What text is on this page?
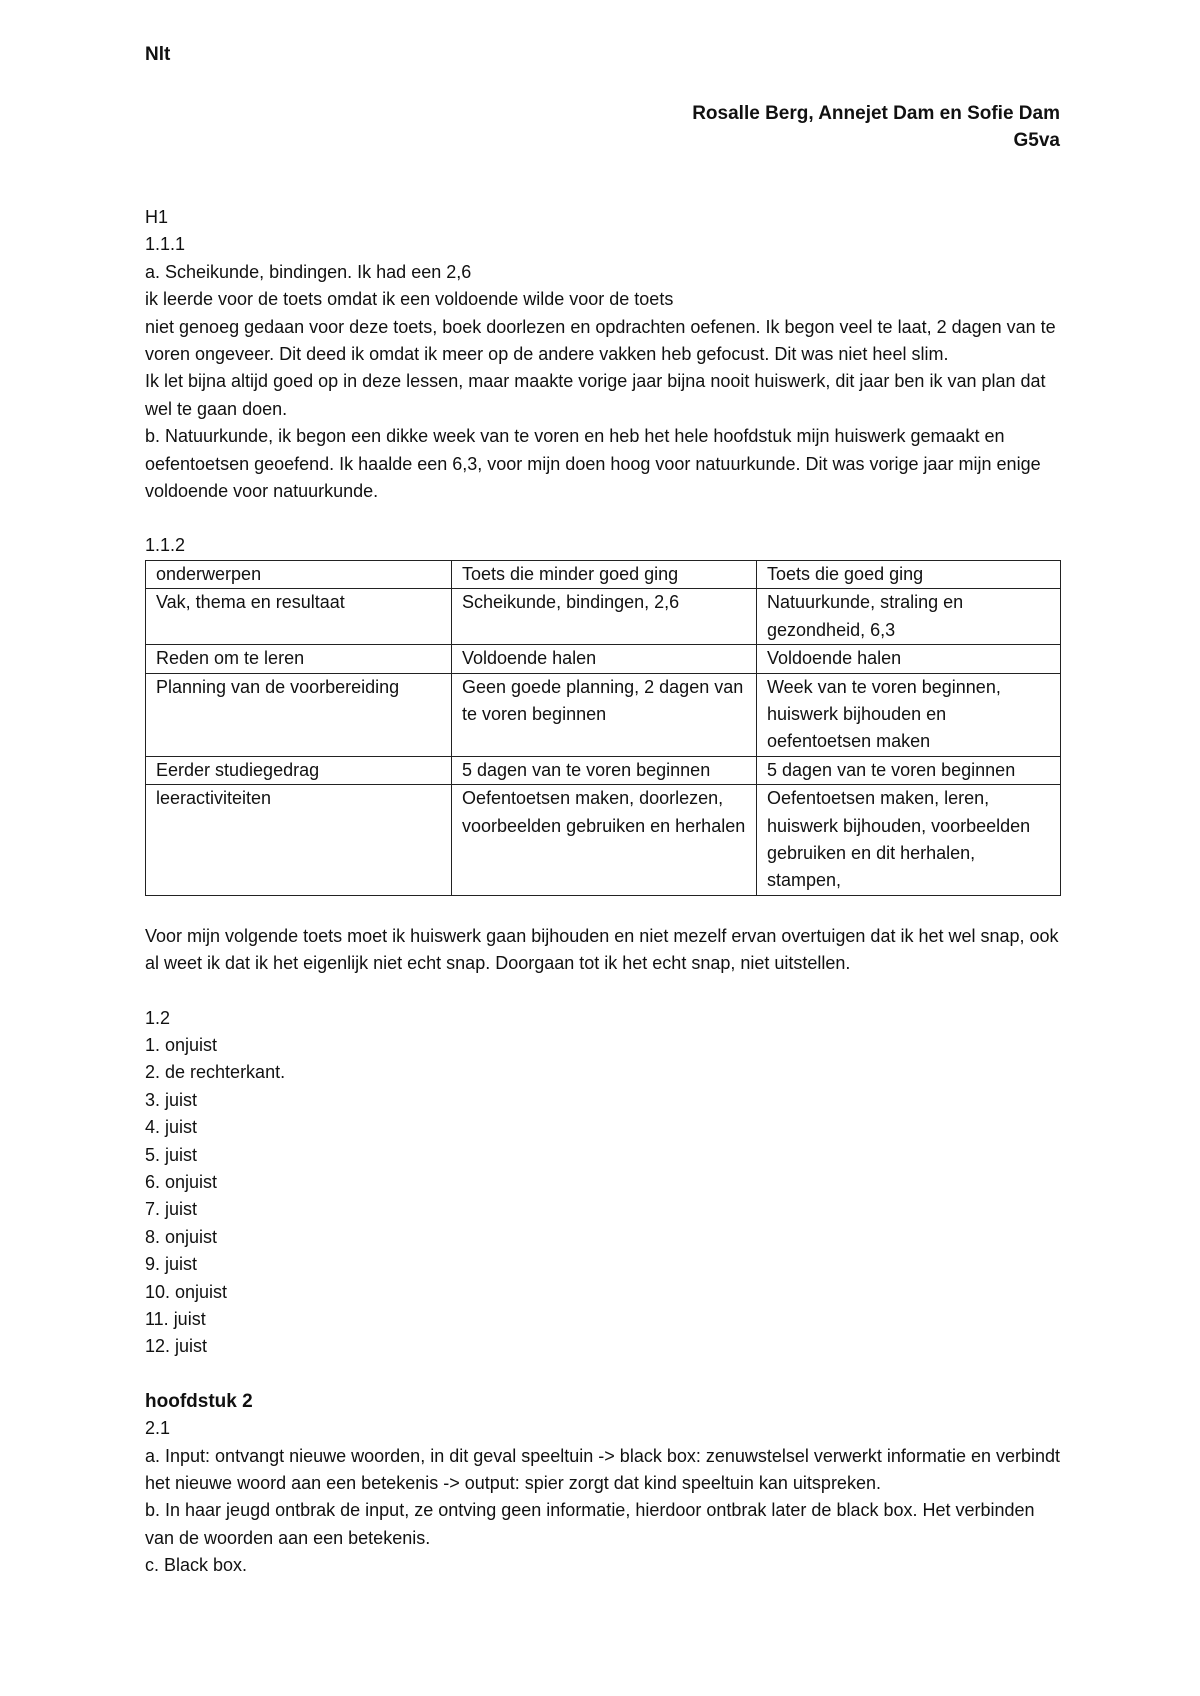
Nlt
Rosalle Berg, Annejet Dam en Sofie Dam
G5va

H1

1.1.1

a. Scheikunde, bindingen. Ik had een 2,6

ik leerde voor de toets omdat ik een voldoende wilde voor de toets

niet genoeg gedaan voor deze toets, boek doorlezen en opdrachten oefenen. Ik begon veel te laat, 2 dagen van te voren ongeveer. Dit deed ik omdat ik meer op de andere vakken heb gefocust. Dit was niet heel slim.

Ik let bijna altijd goed op in deze lessen, maar maakte vorige jaar bijna nooit huiswerk, dit jaar ben ik van plan dat wel te gaan doen.

b. Natuurkunde, ik begon een dikke week van te voren en heb het hele hoofdstuk mijn huiswerk gemaakt en oefentoetsen geoefend. Ik haalde een 6,3, voor mijn doen hoog voor natuurkunde. Dit was vorige jaar mijn enige voldoende voor natuurkunde.

1.1.2

onderwerpen	Toets die minder goed ging	Toets die goed ging
Vak, thema en resultaat	Scheikunde, bindingen, 2,6	Natuurkunde, straling en gezondheid, 6,3
Reden om te leren	Voldoende halen	Voldoende halen
Planning van de voorbereiding	Geen goede planning, 2 dagen van te voren beginnen	Week van te voren beginnen, huiswerk bijhouden en oefentoetsen maken
Eerder studiegedrag	5 dagen van te voren beginnen	5 dagen van te voren beginnen
leeractiviteiten	Oefentoetsen maken, doorlezen, voorbeelden gebruiken en herhalen	Oefentoetsen maken, leren, huiswerk bijhouden, voorbeelden gebruiken en dit herhalen, stampen,

Voor mijn volgende toets moet ik huiswerk gaan bijhouden en niet mezelf ervan overtuigen dat ik het wel snap, ook al weet ik dat ik het eigenlijk niet echt snap. Doorgaan tot ik het echt snap, niet uitstellen.

1.2

1. onjuist
2. de rechterkant.
3. juist
4. juist
5. juist
6. onjuist
7. juist
8. onjuist
9. juist
10. onjuist
11. juist
12. juist

hoofdstuk 2

2.1

a. Input: ontvangt nieuwe woorden, in dit geval speeltuin -> black box: zenuwstelsel verwerkt informatie en verbindt het nieuwe woord aan een betekenis -> output: spier zorgt dat kind speeltuin kan uitspreken.

b. In haar jeugd ontbrak de input, ze ontving geen informatie, hierdoor ontbrak later de black box. Het verbinden van de woorden aan een betekenis.

c. Black box.
